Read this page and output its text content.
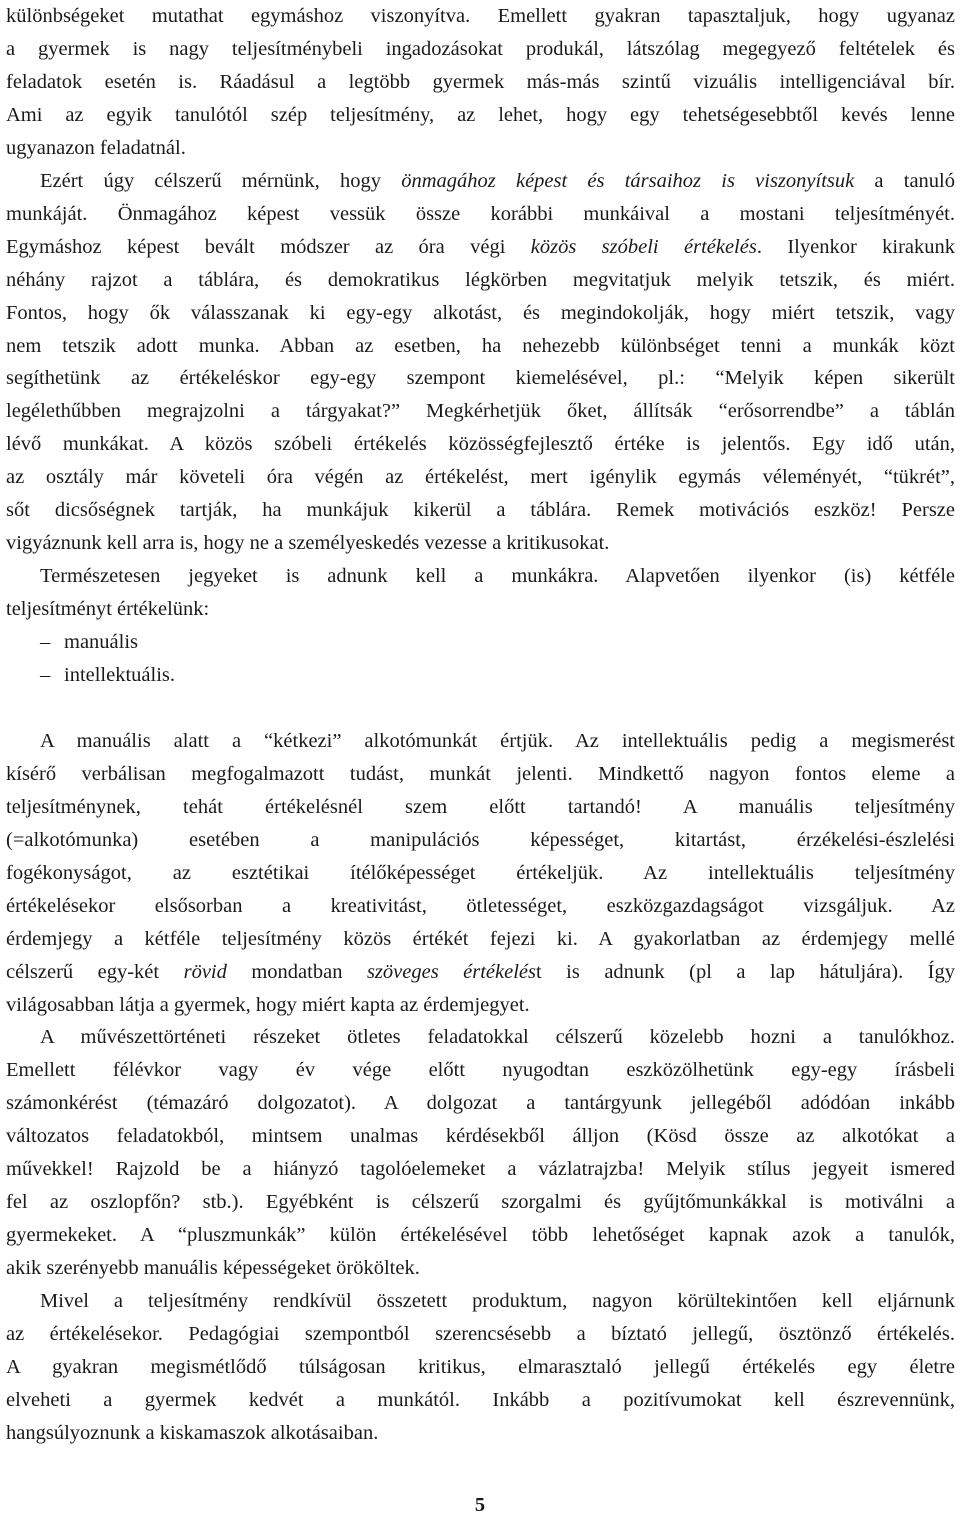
különbségeket mutathat egymáshoz viszonyítva. Emellett gyakran tapasztaljuk, hogy ugyanaz
a gyermek is nagy teljesítménybeli ingadozásokat produkál, látszólag megegyező feltételek és
feladatok esetén is. Ráadásul a legtöbb gyermek más-más szintű vizuális intelligenciával bír.
Ami az egyik tanulótól szép teljesítmény, az lehet, hogy egy tehetségesebbtől kevés lenne
ugyanazon feladatnál.
Ezért úgy célszerű mérnünk, hogy önmagához képest és társaihoz is viszonyítsuk a tanuló
munkáját. Önmagához képest vessük össze korábbi munkáival a mostani teljesítményét.
Egymáshoz képest bevált módszer az óra végi közös szóbeli értékelés. Ilyenkor kirakunk
néhány rajzot a táblára, és demokratikus légkörben megvitatjuk melyik tetszik, és miért.
Fontos, hogy ők válasszanak ki egy-egy alkotást, és megindokolják, hogy miért tetszik, vagy
nem tetszik adott munka. Abban az esetben, ha nehezebb különbséget tenni a munkák közt
segíthetünk az értékeléskor egy-egy szempont kiemelésével, pl.: “Melyik képen sikerült
legélethűbben megrajzolni a tárgyakat?” Megkérhetjük őket, állítsák “erősorrendbe” a táblán
lévő munkákat. A közös szóbeli értékelés közösségfejlesztő értéke is jelentős. Egy idő után,
az osztály már követeli óra végén az értékelést, mert igénylik egymás véleményét, “tükrét”,
sőt dicsőségnek tartják, ha munkájuk kikerül a táblára. Remek motivációs eszköz! Persze
vigyáznunk kell arra is, hogy ne a személyeskedés vezesse a kritikusokat.
Természetesen jegyeket is adnunk kell a munkákra. Alapvetően ilyenkor (is) kétféle
teljesítményt értékelünk:
– manuális
– intellektuális.
A manuális alatt a “kétkezi” alkotómunkát értjük. Az intellektuális pedig a megismerést
kísérő verbálisan megfogalmazott tudást, munkát jelenti. Mindkettő nagyon fontos eleme a
teljesítménynek, tehát értékelésnél szem előtt tartandó! A manuális teljesítmény
(=alkotómunka) esetében a manipulációs képességet, kitartást, érzékelési-észlelési
fogékonyságot, az esztétikai ítélőképességet értékeljük. Az intellektuális teljesítmény
értékelésekor elsősorban a kreativitást, ötletességet, eszközgazdagságot vizsgáljuk. Az
érdemjegy a kétféle teljesítmény közös értékét fejezi ki. A gyakorlatban az érdemjegy mellé
célszerű egy-két rövid mondatban szöveges értékelést is adnunk (pl a lap hátuljára). Így
világosabban látja a gyermek, hogy miért kapta az érdemjegyet.
A művészettörténeti részeket ötletes feladatokkal célszerű közelebb hozni a tanulókhoz.
Emellett félévkor vagy év vége előtt nyugodtan eszközölhetünk egy-egy írásbeli
számonkérést (témazáró dolgozatot). A dolgozat a tantárgyunk jellegéből adódóan inkább
változatos feladatokból, mintsem unalmas kérdésekből álljon (Kösd össze az alkotókat a
művekkel! Rajzold be a hiányzó tagolóelemeket a vázlatrajzba! Melyik stílus jegyeit ismered
fel az oszlopfőn? stb.). Egyébként is célszerű szorgalmi és gyűjtőmunkákkal is motiválni a
gyermekeket. A “pluszmunkák” külön értékelésével több lehetőséget kapnak azok a tanulók,
akik szerényebb manuális képességeket örököltek.
Mivel a teljesítmény rendkívül összetett produktum, nagyon körültekintően kell eljárnunk
az értékelésekor. Pedagógiai szempontból szerencsésebb a bíztató jellegű, ösztönző értékelés.
A gyakran megismétlődő túlságosan kritikus, elmarasztaló jellegű értékelés egy életre
elveheti a gyermek kedvét a munkától. Inkább a pozitívumokat kell észrevennünk,
hangsúlyoznunk a kiskamaszok alkotásaiban.
5
